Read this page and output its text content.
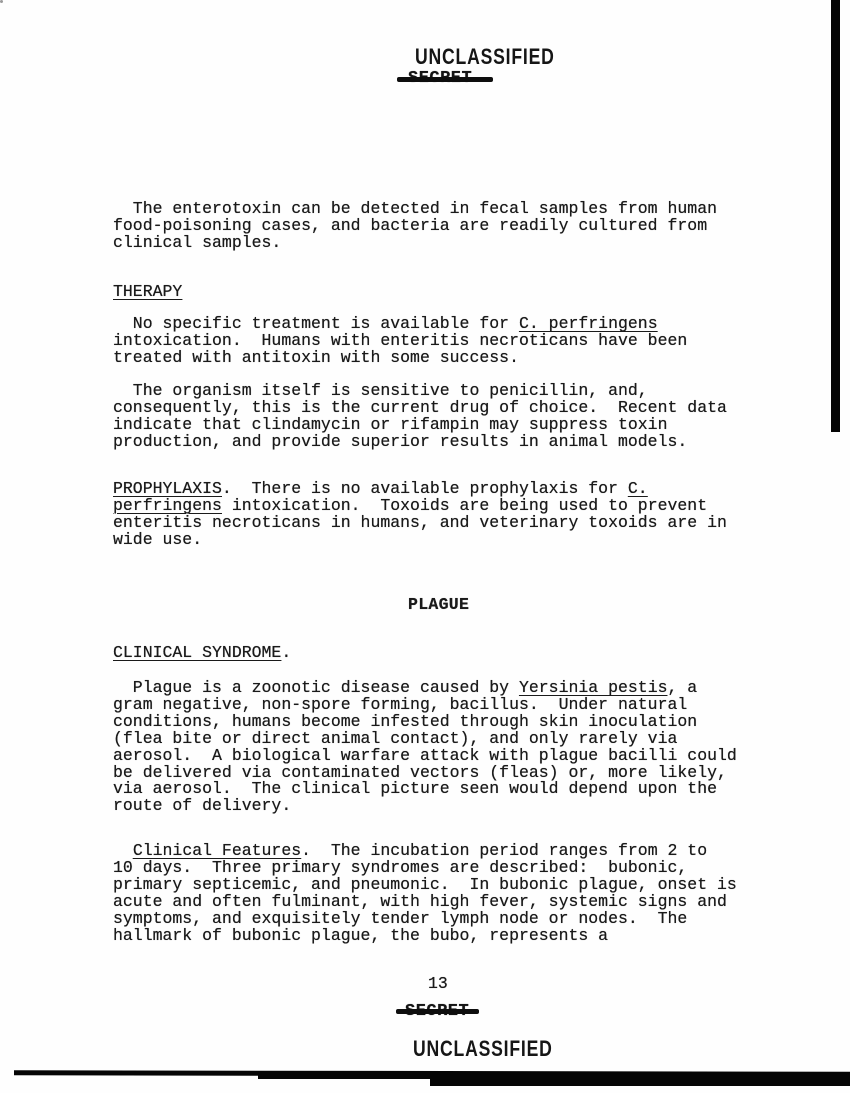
UNCLASSIFIED
The enterotoxin can be detected in fecal samples from human
food-poisoning cases, and bacteria are readily cultured from
clinical samples.
THERAPY
No specific treatment is available for C. perfringens
intoxication.  Humans with enteritis necroticans have been
treated with antitoxin with some success.
The organism itself is sensitive to penicillin, and,
consequently, this is the current drug of choice.  Recent data
indicate that clindamycin or rifampin may suppress toxin
production, and provide superior results in animal models.
PROPHYLAXIS.  There is no available prophylaxis for C.
perfringens intoxication.  Toxoids are being used to prevent
enteritis necroticans in humans, and veterinary toxoids are in
wide use.
PLAGUE
CLINICAL SYNDROME.
Plague is a zoonotic disease caused by Yersinia pestis, a
gram negative, non-spore forming, bacillus.  Under natural
conditions, humans become infested through skin inoculation
(flea bite or direct animal contact), and only rarely via
aerosol.  A biological warfare attack with plague bacilli could
be delivered via contaminated vectors (fleas) or, more likely,
via aerosol.  The clinical picture seen would depend upon the
route of delivery.
Clinical Features.  The incubation period ranges from 2 to
10 days.  Three primary syndromes are described:  bubonic,
primary septicemic, and pneumonic.  In bubonic plague, onset is
acute and often fulminant, with high fever, systemic signs and
symptoms, and exquisitely tender lymph node or nodes.  The
hallmark of bubonic plague, the bubo, represents a
13
UNCLASSIFIED
